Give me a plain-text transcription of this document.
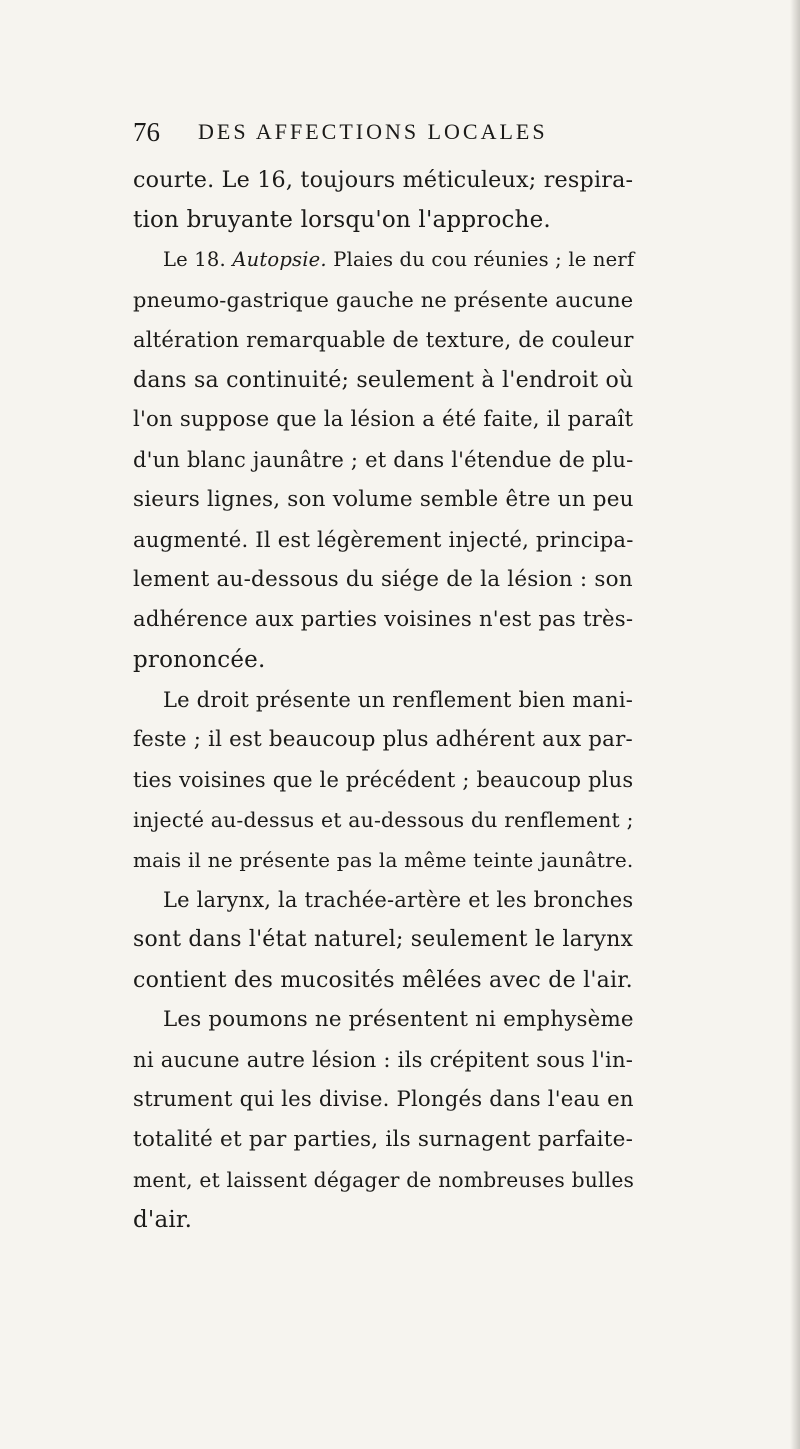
76 DES AFFECTIONS LOCALES
courte. Le 16, toujours méticuleux; respira-
tion bruyante lorsqu'on l'approche.
Le 18. Autopsie. Plaies du cou réunies ; le nerf
pneumo-gastrique gauche ne présente aucune
altération remarquable de texture, de couleur
dans sa continuité; seulement à l'endroit où
l'on suppose que la lésion a été faite, il paraît
d'un blanc jaunâtre ; et dans l'étendue de plu-
sieurs lignes, son volume semble être un peu
augmenté. Il est légèrement injecté, principa-
lement au-dessous du siége de la lésion : son
adhérence aux parties voisines n'est pas très-
prononcée.
Le droit présente un renflement bien mani-
feste ; il est beaucoup plus adhérent aux par-
ties voisines que le précédent ; beaucoup plus
injecté au-dessus et au-dessous du renflement ;
mais il ne présente pas la même teinte jaunâtre.
Le larynx, la trachée-artère et les bronches
sont dans l'état naturel; seulement le larynx
contient des mucosités mêlées avec de l'air.
Les poumons ne présentent ni emphysème
ni aucune autre lésion : ils crépitent sous l'in-
strument qui les divise. Plongés dans l'eau en
totalité et par parties, ils surnagent parfaite-
ment, et laissent dégager de nombreuses bulles
d'air.
